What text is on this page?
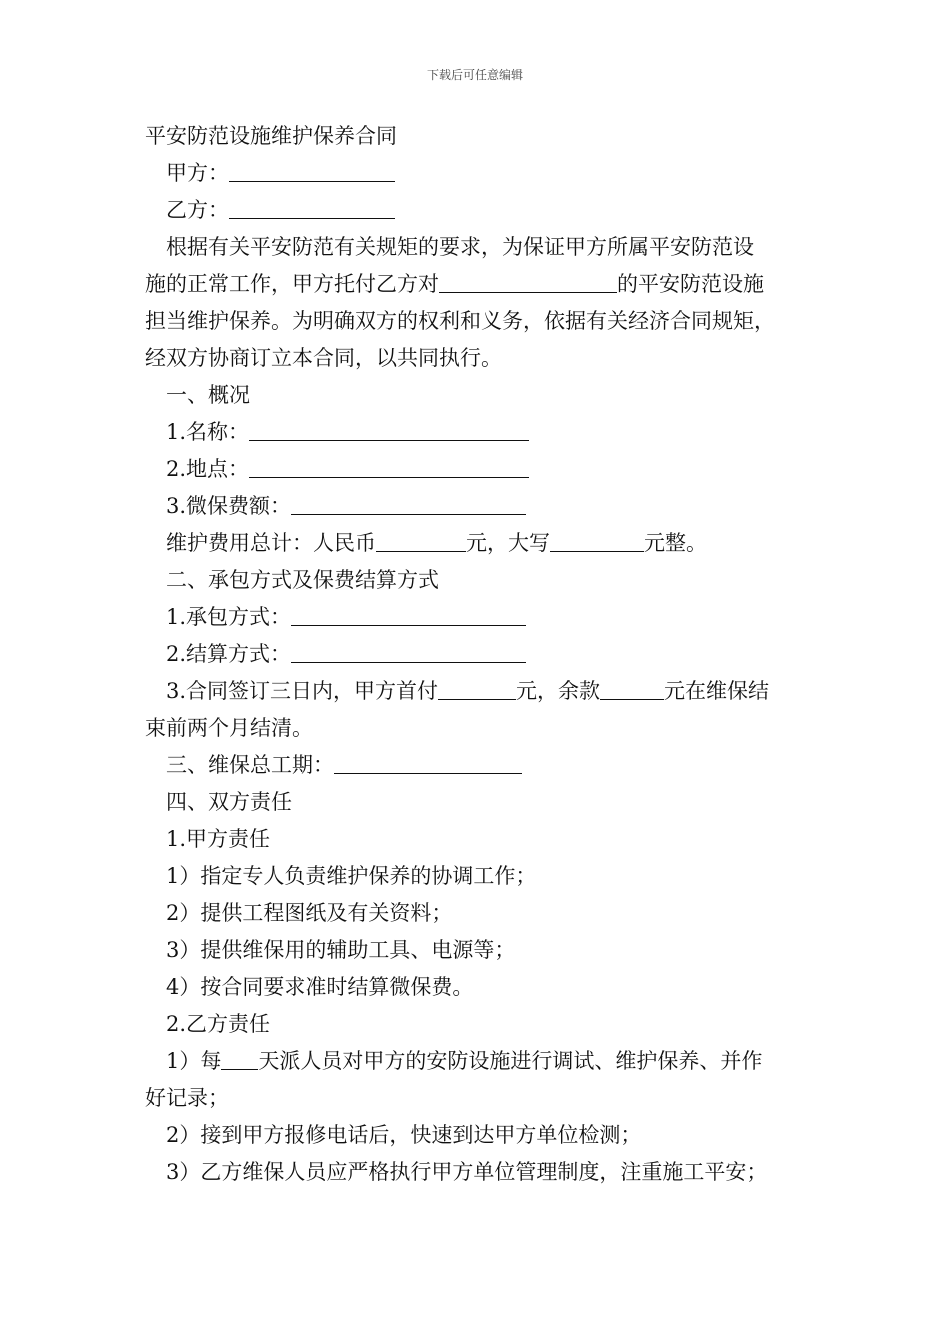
下载后可任意编辑
平安防范设施维护保养合同
甲方：
乙方：
根据有关平安防范有关规矩的要求，为保证甲方所属平安防范设
施的正常工作，甲方托付乙方对	的平安防范设施
担当维护保养。为明确双方的权利和义务，依据有关经济合同规矩，
经双方协商订立本合同，以共同执行。
一、概况
1.名称：
2.地点：
3.微保费额：
维护费用总计：人民币	元，大写	元整。
二、承包方式及保费结算方式
1.承包方式：
2.结算方式：
3.合同签订三日内，甲方首付	元，余款	元在维保结
束前两个月结清。
三、维保总工期：
四、双方责任
1.甲方责任
1）指定专人负责维护保养的协调工作；
2）提供工程图纸及有关资料；
3）提供维保用的辅助工具、电源等；
4）按合同要求准时结算微保费。
2.乙方责任
1）每 天派人员对甲方的安防设施进行调试、维护保养、并作
好记录；
2）接到甲方报修电话后，快速到达甲方单位检测；
3）乙方维保人员应严格执行甲方单位管理制度，注重施工平安；
